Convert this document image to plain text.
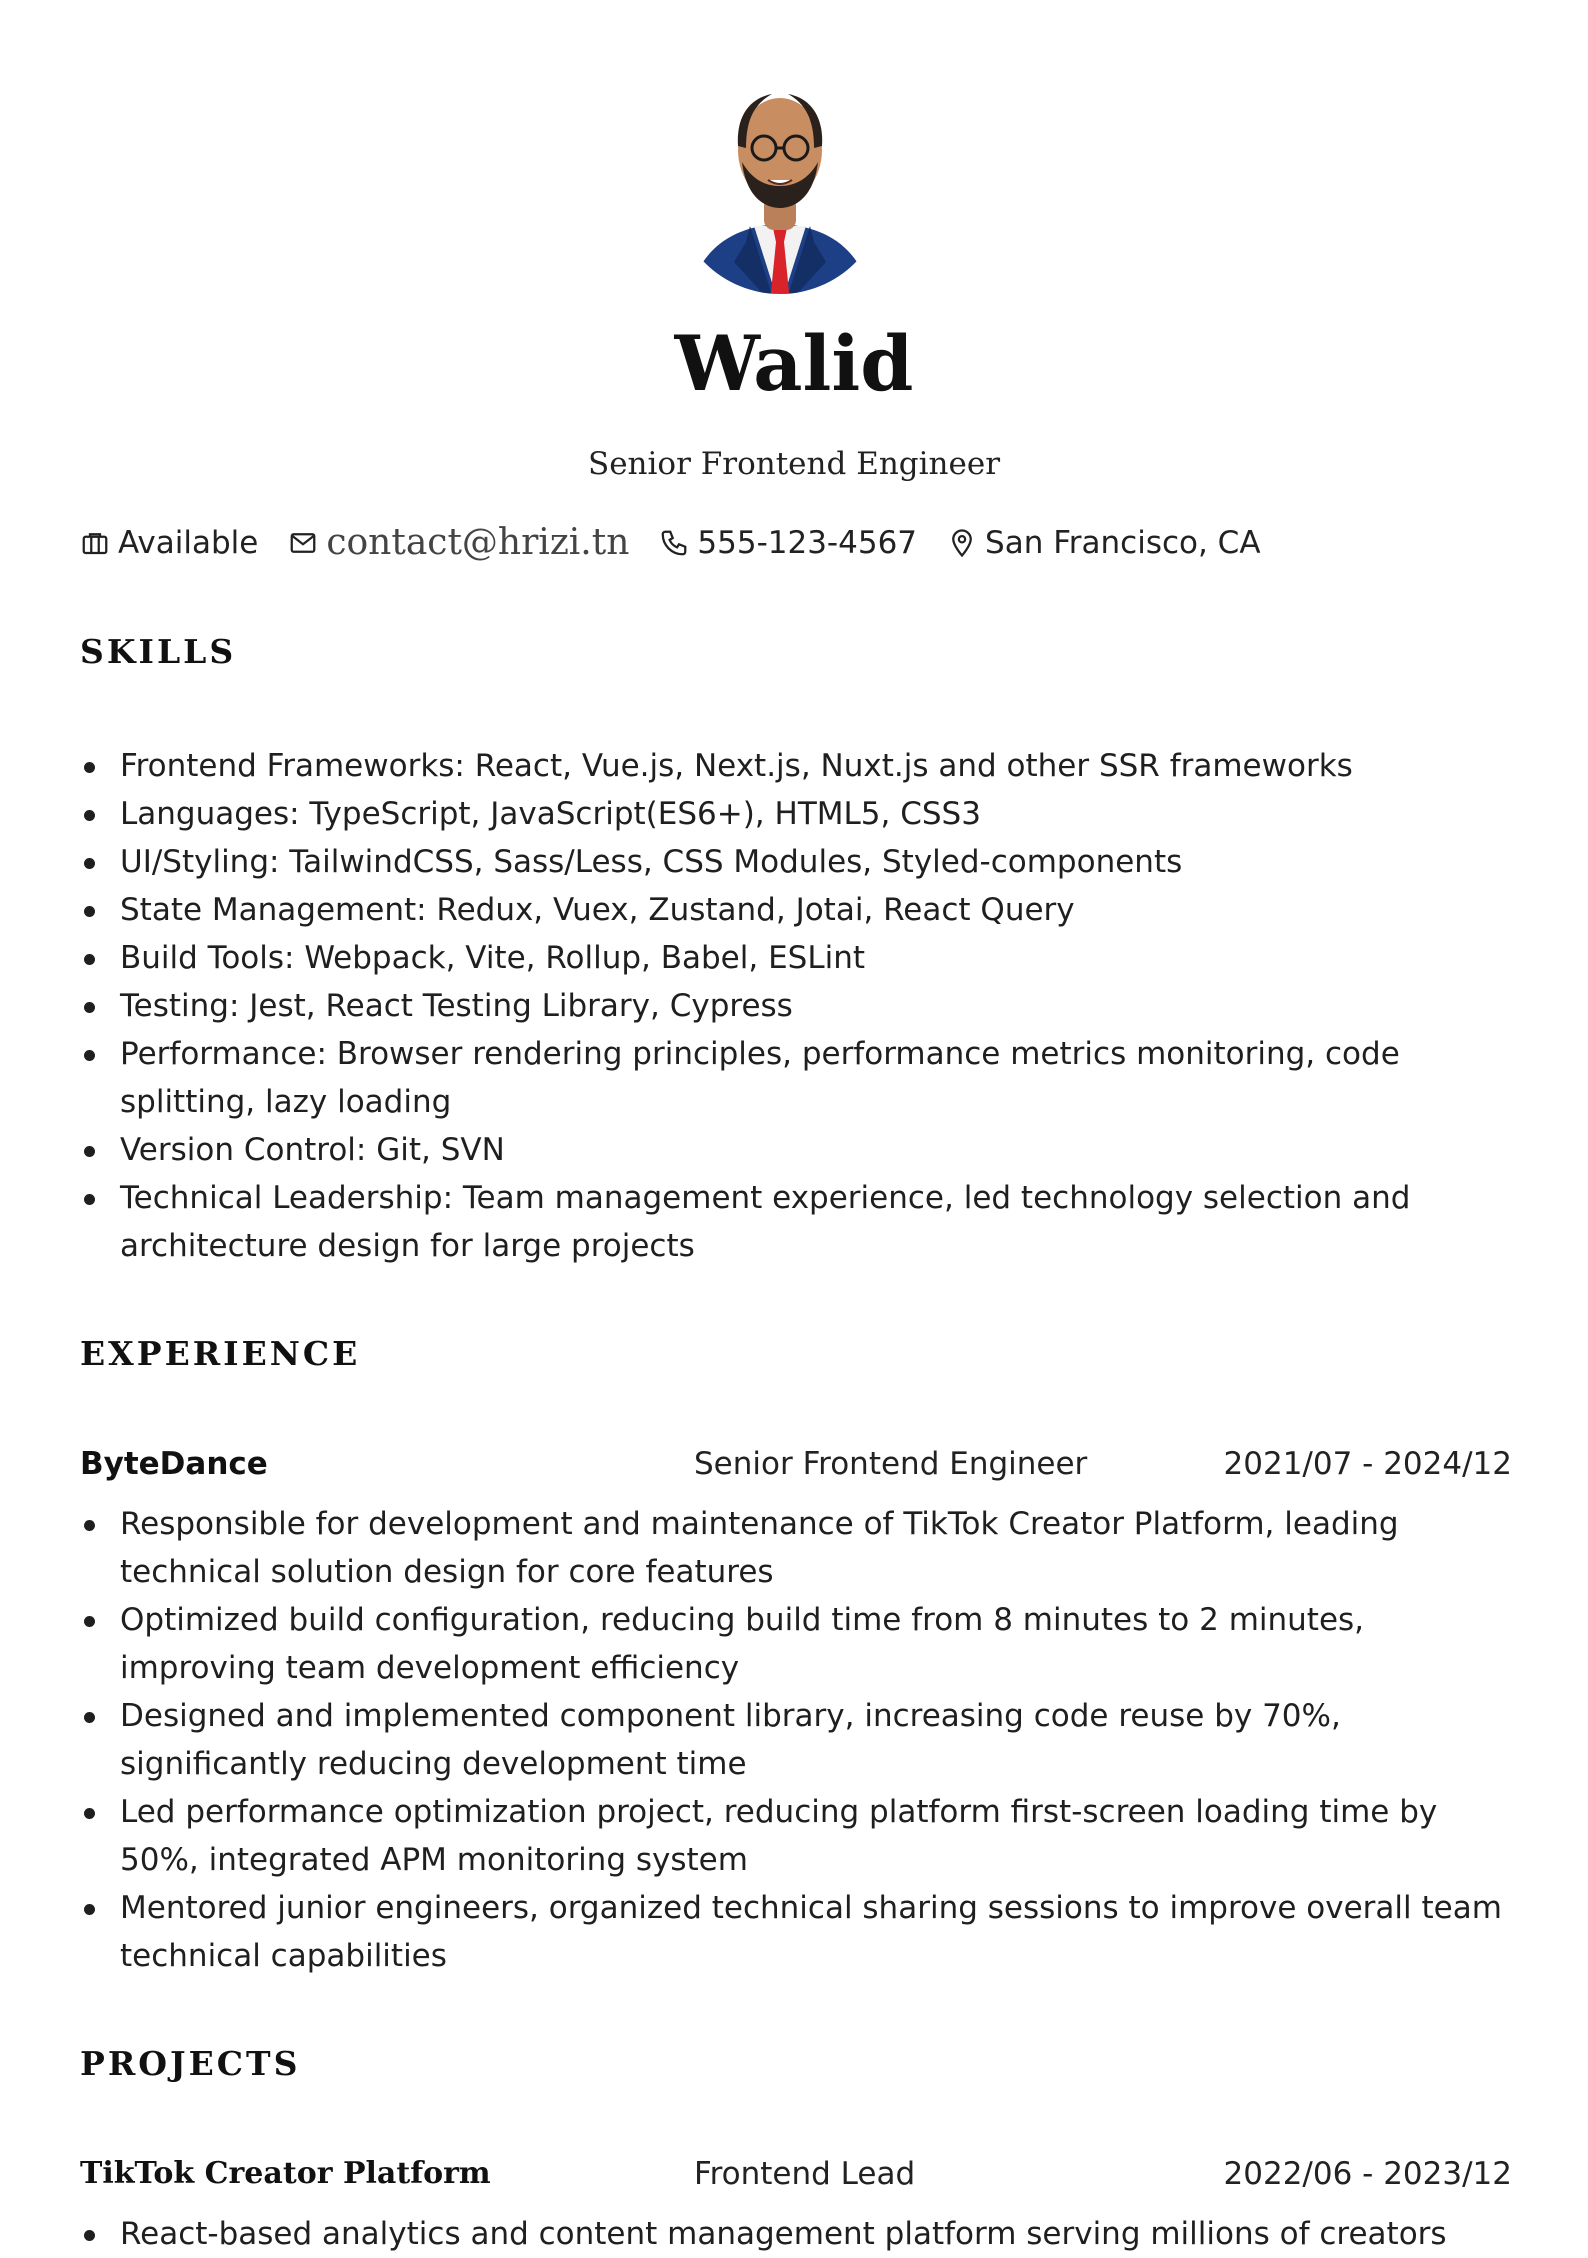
Walid
Senior Frontend Engineer
Available contact@hrizi.tn 555-123-4567 San Francisco, CA
SKILLS
Frontend Frameworks: React, Vue.js, Next.js, Nuxt.js and other SSR frameworks
Languages: TypeScript, JavaScript(ES6+), HTML5, CSS3
UI/Styling: TailwindCSS, Sass/Less, CSS Modules, Styled-components
State Management: Redux, Vuex, Zustand, Jotai, React Query
Build Tools: Webpack, Vite, Rollup, Babel, ESLint
Testing: Jest, React Testing Library, Cypress
Performance: Browser rendering principles, performance metrics monitoring, code splitting, lazy loading
Version Control: Git, SVN
Technical Leadership: Team management experience, led technology selection and architecture design for large projects
EXPERIENCE
ByteDance	Senior Frontend Engineer	2021/07 - 2024/12
Responsible for development and maintenance of TikTok Creator Platform, leading technical solution design for core features
Optimized build configuration, reducing build time from 8 minutes to 2 minutes, improving team development efficiency
Designed and implemented component library, increasing code reuse by 70%, significantly reducing development time
Led performance optimization project, reducing platform first-screen loading time by 50%, integrated APM monitoring system
Mentored junior engineers, organized technical sharing sessions to improve overall team technical capabilities
PROJECTS
TikTok Creator Platform	Frontend Lead	2022/06 - 2023/12
React-based analytics and content management platform serving millions of creators
